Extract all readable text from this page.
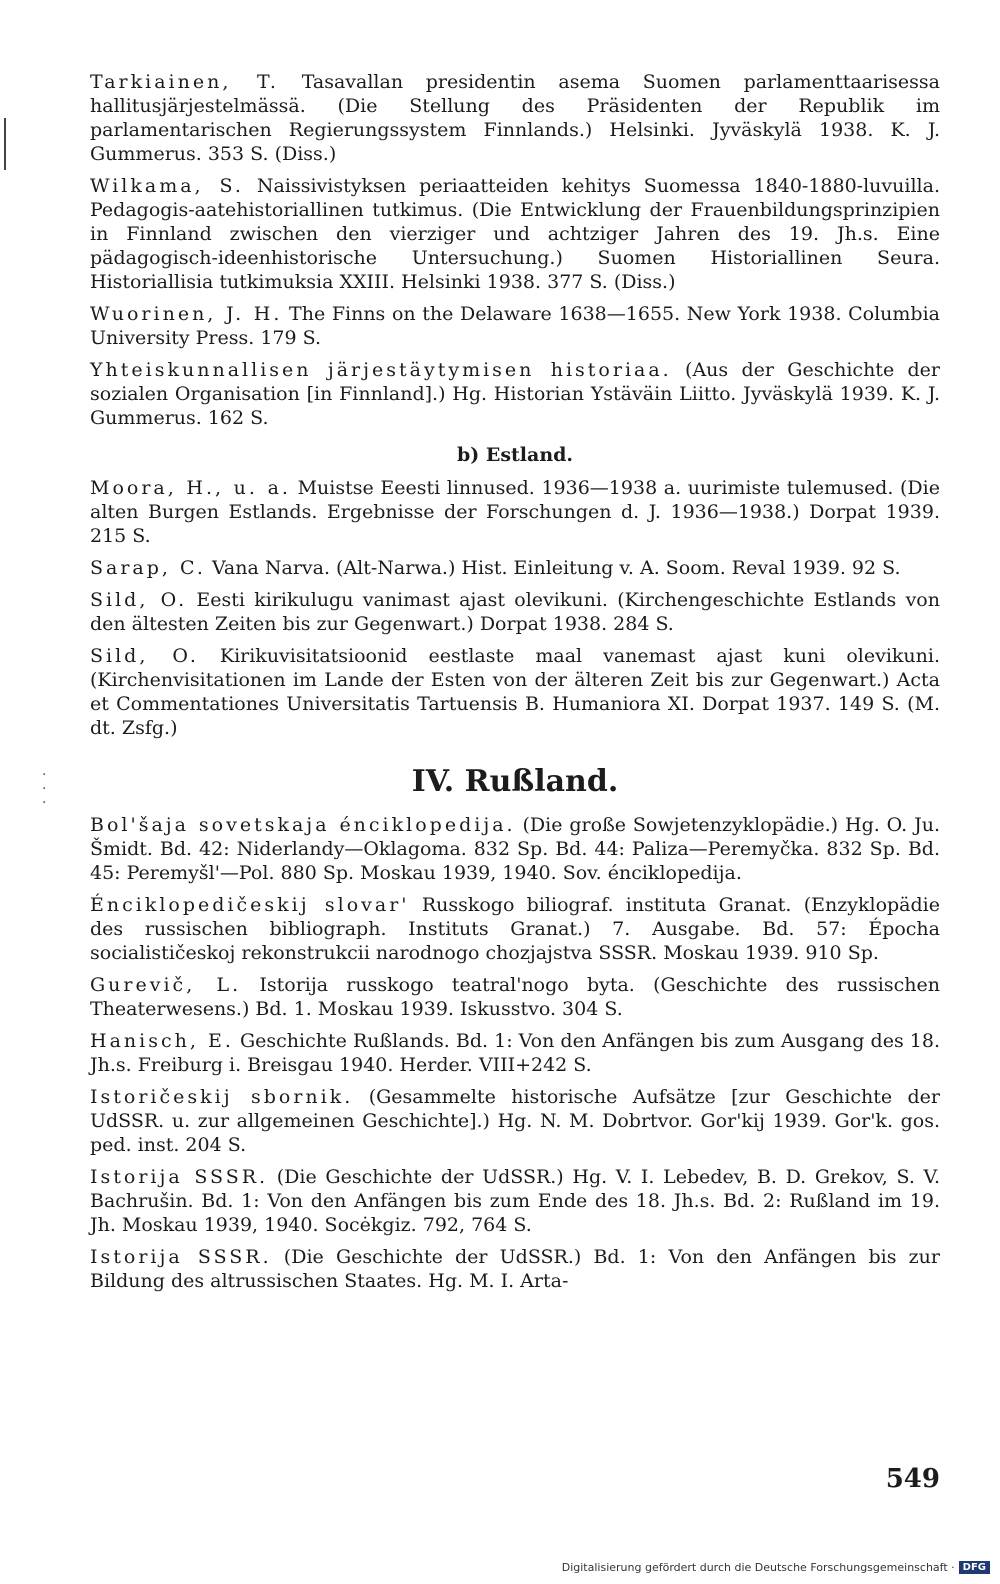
·
·
·

Tarkiainen, T. Tasavallan presidentin asema Suomen parlamenttaarisessa hallitusjärjestelmässä. (Die Stellung des Präsidenten der Republik im parlamentarischen Regierungssystem Finnlands.) Helsinki. Jyväskylä 1938. K. J. Gummerus. 353 S. (Diss.)

Wilkama, S. Naissivistyksen periaatteiden kehitys Suomessa 1840-1880-luvuilla. Pedagogis-aatehistoriallinen tutkimus. (Die Entwicklung der Frauenbildungsprinzipien in Finnland zwischen den vierziger und achtziger Jahren des 19. Jh.s. Eine pädagogisch-ideenhistorische Untersuchung.) Suomen Historiallinen Seura. Historiallisia tutkimuksia XXIII. Helsinki 1938. 377 S. (Diss.)

Wuorinen, J. H. The Finns on the Delaware 1638—1655. New York 1938. Columbia University Press. 179 S.

Yhteiskunnallisen järjestäytymisen historiaa. (Aus der Geschichte der sozialen Organisation [in Finnland].) Hg. Historian Ystäväin Liitto. Jyväskylä 1939. K. J. Gummerus. 162 S.

b) Estland.

Moora, H., u. a. Muistse Eeesti linnused. 1936—1938 a. uurimiste tulemused. (Die alten Burgen Estlands. Ergebnisse der Forschungen d. J. 1936—1938.) Dorpat 1939. 215 S.

Sarap, C. Vana Narva. (Alt-Narwa.) Hist. Einleitung v. A. Soom. Reval 1939. 92 S.

Sild, O. Eesti kirikulugu vanimast ajast olevikuni. (Kirchengeschichte Estlands von den ältesten Zeiten bis zur Gegenwart.) Dorpat 1938. 284 S.

Sild, O. Kirikuvisitatsioonid eestlaste maal vanemast ajast kuni olevikuni. (Kirchenvisitationen im Lande der Esten von der älteren Zeit bis zur Gegenwart.) Acta et Commentationes Universitatis Tartuensis B. Humaniora XI. Dorpat 1937. 149 S. (M. dt. Zsfg.)

IV. Rußland.

Bol'šaja sovetskaja énciklopedija. (Die große Sowjetenzyklopädie.) Hg. O. Ju. Šmidt. Bd. 42: Niderlandy—Oklagoma. 832 Sp. Bd. 44: Paliza—Peremyčka. 832 Sp. Bd. 45: Peremyšl'—Pol. 880 Sp. Moskau 1939, 1940. Sov. énciklopedija.

Énciklopedičeskij slovar' Russkogo biliograf. instituta Granat. (Enzyklopädie des russischen bibliograph. Instituts Granat.) 7. Ausgabe. Bd. 57: Épocha socialističeskoj rekonstrukcii narodnogo chozjajstva SSSR. Moskau 1939. 910 Sp.

Gurevič, L. Istorija russkogo teatral'nogo byta. (Geschichte des russischen Theaterwesens.) Bd. 1. Moskau 1939. Iskusstvo. 304 S.

Hanisch, E. Geschichte Rußlands. Bd. 1: Von den Anfängen bis zum Ausgang des 18. Jh.s. Freiburg i. Breisgau 1940. Herder. VIII+242 S.

Istoričeskij sbornik. (Gesammelte historische Aufsätze [zur Geschichte der UdSSR. u. zur allgemeinen Geschichte].) Hg. N. M. Dobrtvor. Gor'kij 1939. Gor'k. gos. ped. inst. 204 S.

Istorija SSSR. (Die Geschichte der UdSSR.) Hg. V. I. Lebedev, B. D. Grekov, S. V. Bachrušin. Bd. 1: Von den Anfängen bis zum Ende des 18. Jh.s. Bd. 2: Rußland im 19. Jh. Moskau 1939, 1940. Socėkgiz. 792, 764 S.

Istorija SSSR. (Die Geschichte der UdSSR.) Bd. 1: Von den Anfängen bis zur Bildung des altrussischen Staates. Hg. M. I. Arta-

549
Digitalisierung gefördert durch die Deutsche Forschungsgemeinschaft · DFG
